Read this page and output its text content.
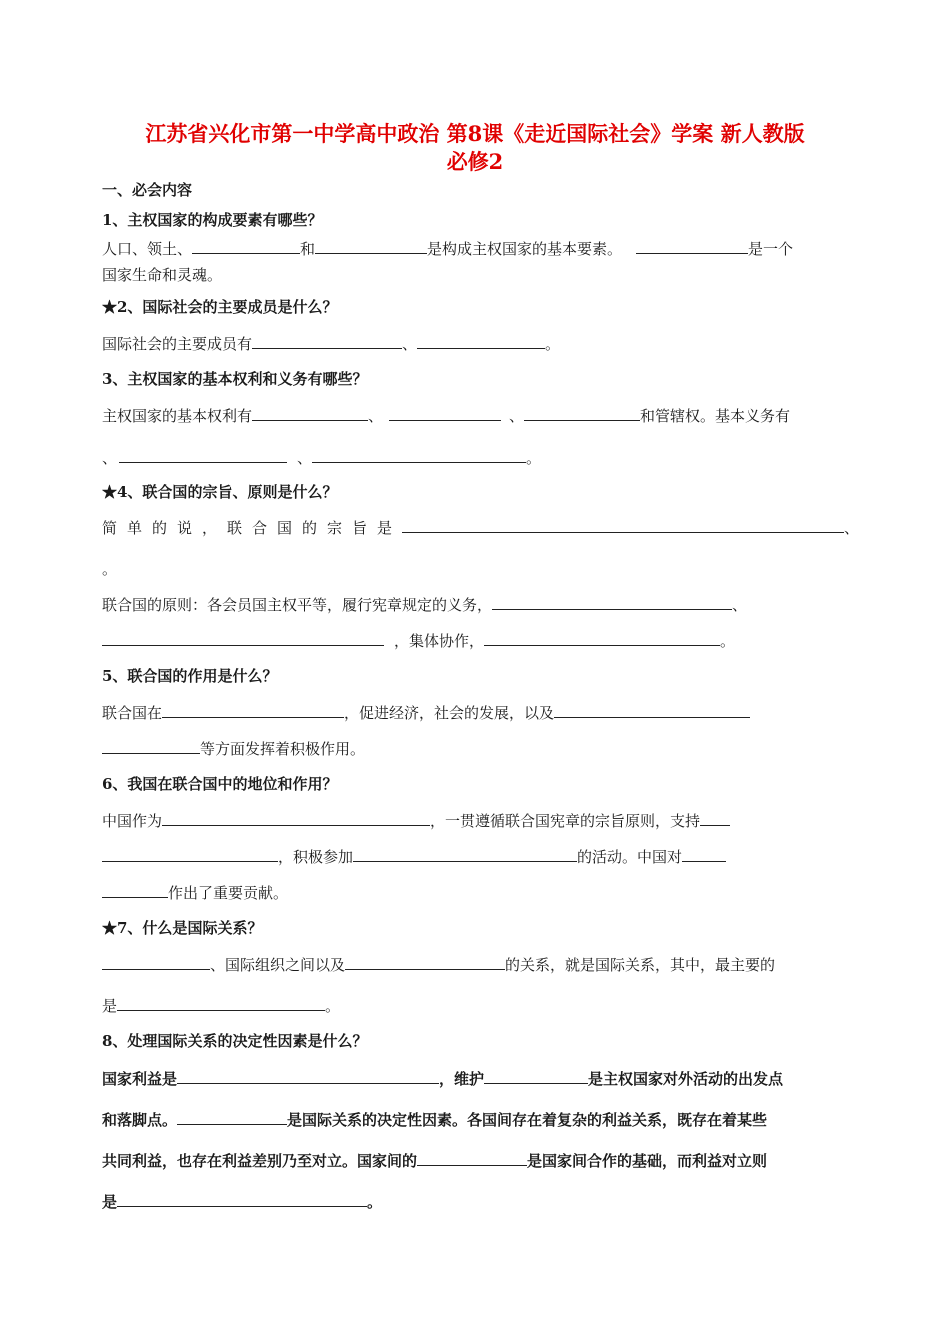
江苏省兴化市第一中学高中政治 第8课《走近国际社会》学案 新人教版
必修2
一、必会内容
1、主权国家的构成要素有哪些？
人口、领土、	和	是构成主权国家的基本要素。	是一个
国家生命和灵魂。
★2、国际社会的主要成员是什么？
国际社会的主要成员有	、	。
3、主权国家的基本权利和义务有哪些？
主权国家的基本权利有	、	、	和管辖权。基本义务有
、	、	。
★4、联合国的宗旨、原则是什么？
简单的说，联合国的宗旨是	、
。
联合国的原则：各会员国主权平等，履行宪章规定的义务，	、
，集体协作，	。
5、联合国的作用是什么？
联合国在	，促进经济，社会的发展，以及
等方面发挥着积极作用。
6、我国在联合国中的地位和作用？
中国作为	，一贯遵循联合国宪章的宗旨原则，支持
，积极参加	的活动。中国对
作出了重要贡献。
★7、什么是国际关系？
、国际组织之间以及	的关系，就是国际关系，其中，最主要的
是	。
8、处理国际关系的决定性因素是什么？
国家利益是	，维护	是主权国家对外活动的出发点
和落脚点。	是国际关系的决定性因素。各国间存在着复杂的利益关系，既存在着某些
共同利益，也存在利益差别乃至对立。国家间的	是国家间合作的基础，而利益对立则
是	。
